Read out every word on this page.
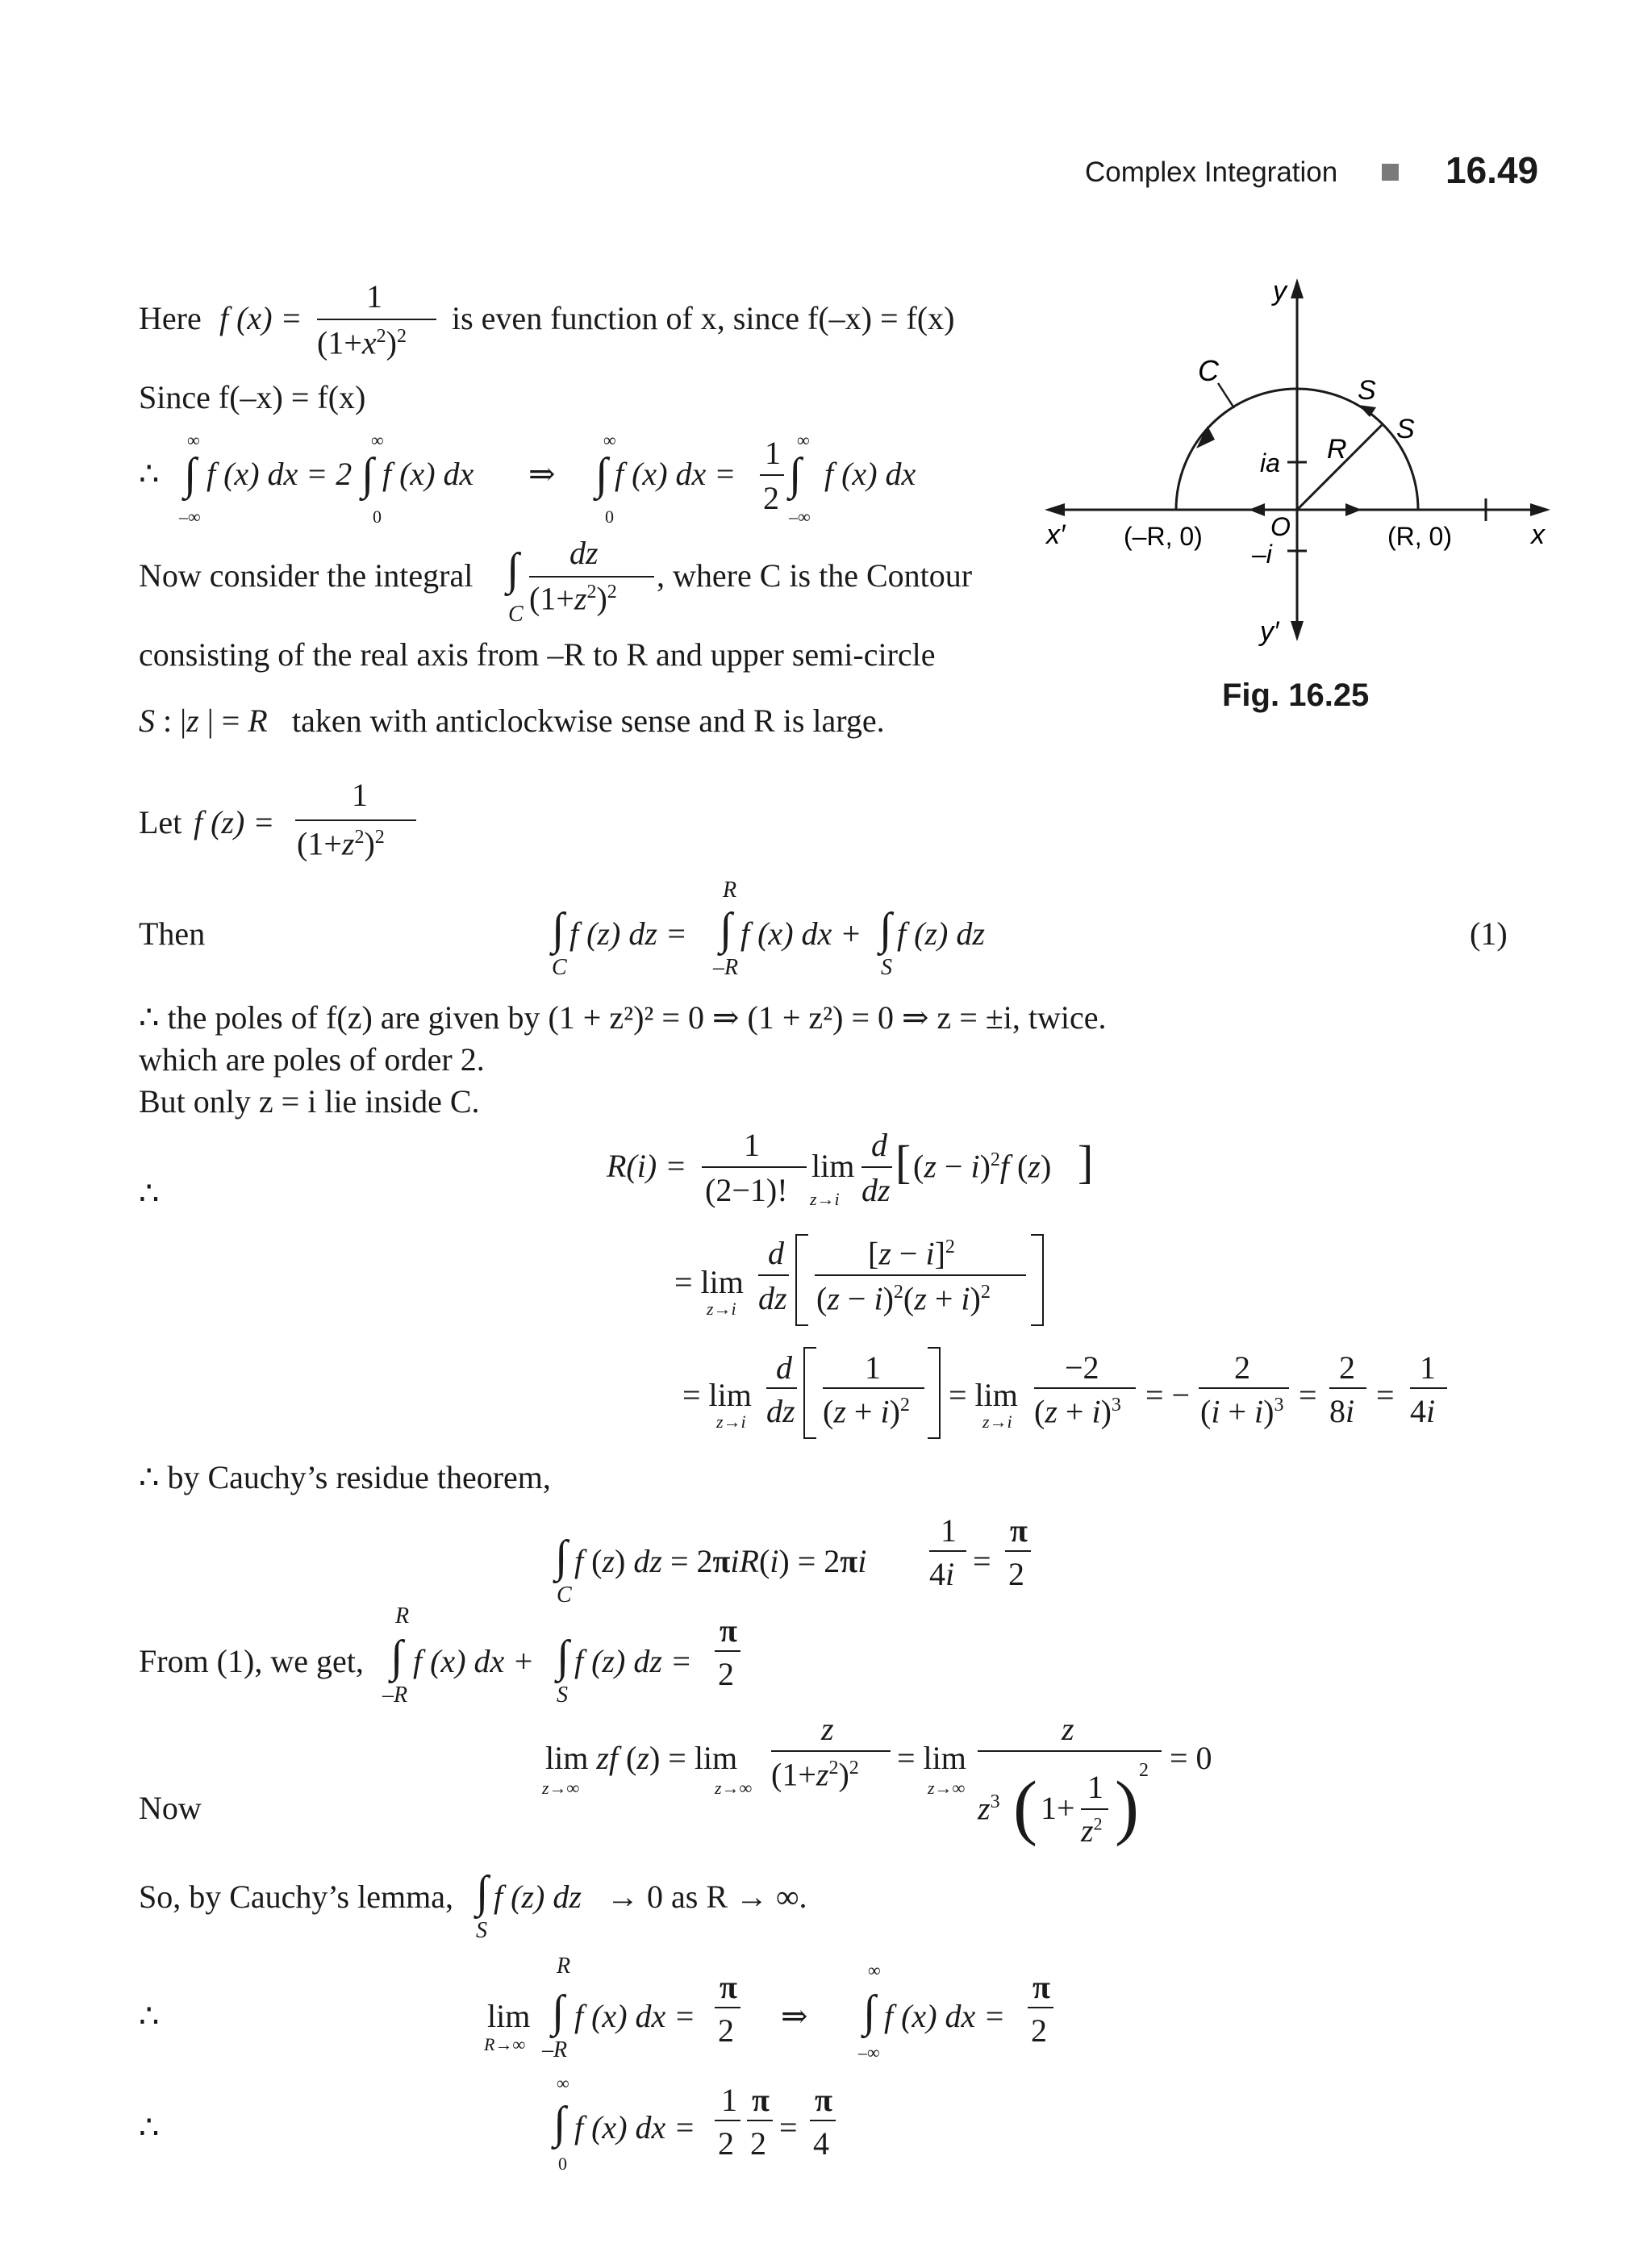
Complex Integration	16.49
y
y′
x
x′
C
S
S
R
ia
O
–i
(–R, 0)	(R, 0)
Fig. 16.25
Here f (x) =
1
$(1+x^2)^2$ is even function of x, since f(–x) = f(x)
Since f(–x) = f(x)
∴
∞
∫
–∞
f (x) dx = 2
∞
∫
0
f (x) dx ⇒
∞
∫
0
f (x) dx =
1
2
∞
∫
–∞
f (x) dx
Now consider the integral ∫
C
dz
$(1+z^2)^2$ , where C is the Contour
consisting of the real axis from –R to R and upper semi-circle
S : |z | = R taken with anticlockwise sense and R is large.
Let f (z) =
1
$(1+z^2)^2$
Then	∫
C
f (z) dz =
R
∫
–R
f (x) dx + ∫
S
f (z) dz	(1)
∴ the poles of f(z) are given by (1 + z²)² = 0 ⇒ (1 + z²) = 0 ⇒ z = ±i, twice.
which are poles of order 2.
But only z = i lie inside C.
∴
R(i) =
1
(2−1)!
lim
z→i
d
dz
[ $(z - i)^2f$ (z) ]
= lim
z→i
d
dz
$[z - i]^2$
$(z - i)^2(z + i)^2$
= lim
z→i
d
dz
1
$(z + i)^2 = \lim$
z→i
−2
$(z + i)^3$ = −
2
$(i + i)^3$ =
2
8i =
1
4i
∴ by Cauchy’s residue theorem,
∫
C
f (z) dz = 2πiR(i) = 2πi
1
4i =
π
2
From (1), we get,
R
∫
–R
f (x) dx + ∫
S
f (z) dz =
π
2
Now
lim zf (z) = lim
z→∞	z→∞
z
$(1+z^2)^2 = \lim$
z→∞
z
$z^3$ ( 1+
1
$z^2$ ) 2 = 0
So, by Cauchy’s lemma, ∫
S
f (z) dz → 0 as R → ∞.
∴	lim
R→∞
R
∫
–R
f (x) dx =
π
2 ⇒
∞
∫
–∞
f (x) dx =
π
2
∴
∞
∫
0
f (x) dx =
1
2
π
2 =
π
4
